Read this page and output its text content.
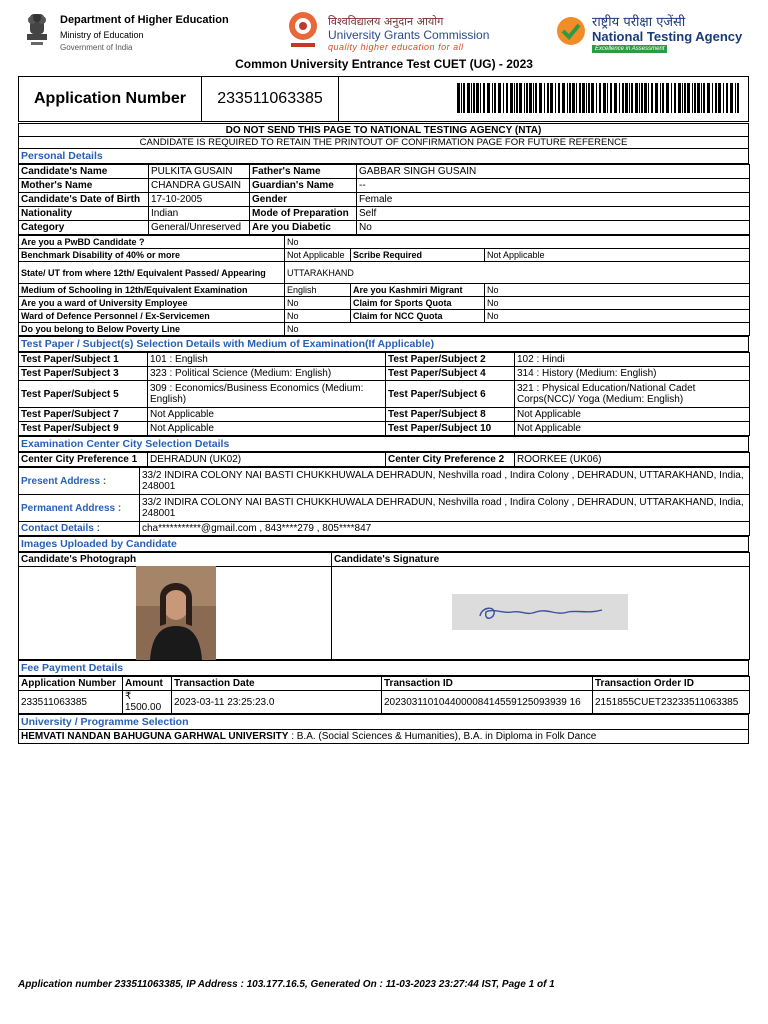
Department of Higher Education
Ministry of Education
Government of India
विश्वविद्यालय अनुदान आयोग
University Grants Commission
quality higher education for all
राष्ट्रीय परीक्षा एजेंसी
National Testing Agency
Excellence in Assessment
Common University Entrance Test CUET (UG) - 2023
Application Number	233511063385
DO NOT SEND THIS PAGE TO NATIONAL TESTING AGENCY (NTA)
CANDIDATE IS REQUIRED TO RETAIN THE PRINTOUT OF CONFIRMATION PAGE FOR FUTURE REFERENCE
Personal Details
Candidate's Name	PULKITA GUSAIN	Father's Name	GABBAR SINGH GUSAIN
Mother's Name	CHANDRA GUSAIN	Guardian's Name	--
Candidate's Date of Birth	17-10-2005	Gender	Female
Nationality	Indian	Mode of Preparation	Self
Category	General/Unreserved	Are you Diabetic	No
Are you a PwBD Candidate ?	No		
Benchmark Disability of 40% or more	Not Applicable	Scribe Required	Not Applicable
State/ UT from where 12th/ Equivalent Passed/ Appearing	UTTARAKHAND		
Medium of Schooling in 12th/Equivalent Examination	English	Are you Kashmiri Migrant	No
Are you a ward of University Employee	No	Claim for Sports Quota	No
Ward of Defence Personnel / Ex-Servicemen	No	Claim for NCC Quota	No
Do you belong to Below Poverty Line	No		
Test Paper / Subject(s) Selection Details with Medium of Examination(If Applicable)
Test Paper/Subject 1	101 : English	Test Paper/Subject 2	102 : Hindi
Test Paper/Subject 3	323 : Political Science (Medium: English)	Test Paper/Subject 4	314 : History (Medium: English)
Test Paper/Subject 5	309 : Economics/Business Economics (Medium: English)	Test Paper/Subject 6	321 : Physical Education/National Cadet Corps(NCC)/ Yoga (Medium: English)
Test Paper/Subject 7	Not Applicable	Test Paper/Subject 8	Not Applicable
Test Paper/Subject 9	Not Applicable	Test Paper/Subject 10	Not Applicable
Examination Center City Selection Details
Center City Preference 1	DEHRADUN (UK02)	Center City Preference 2	ROORKEE (UK06)
Present Address :	33/2 INDIRA COLONY NAI BASTI CHUKKHUWALA DEHRADUN, Neshvilla road , Indira Colony , DEHRADUN, UTTARAKHAND, India, 248001
Permanent Address :	33/2 INDIRA COLONY NAI BASTI CHUKKHUWALA DEHRADUN, Neshvilla road , Indira Colony , DEHRADUN, UTTARAKHAND, India, 248001
Contact Details :	cha***********@gmail.com , 843****279 , 805****847
Images Uploaded by Candidate
Candidate's Photograph	Candidate's Signature

Fee Payment Details
Application Number	Amount	Transaction Date	Transaction ID	Transaction Order ID
233511063385	₹ 1500.00	2023-03-11 23:25:23.0	202303110104400008414559125093939 16	2151855CUET23233511063385
University / Programme Selection
HEMVATI NANDAN BAHUGUNA GARHWAL UNIVERSITY : B.A. (Social Sciences & Humanities), B.A. in Diploma in Folk Dance
Application number 233511063385, IP Address : 103.177.16.5, Generated On : 11-03-2023 23:27:44 IST, Page 1 of 1
